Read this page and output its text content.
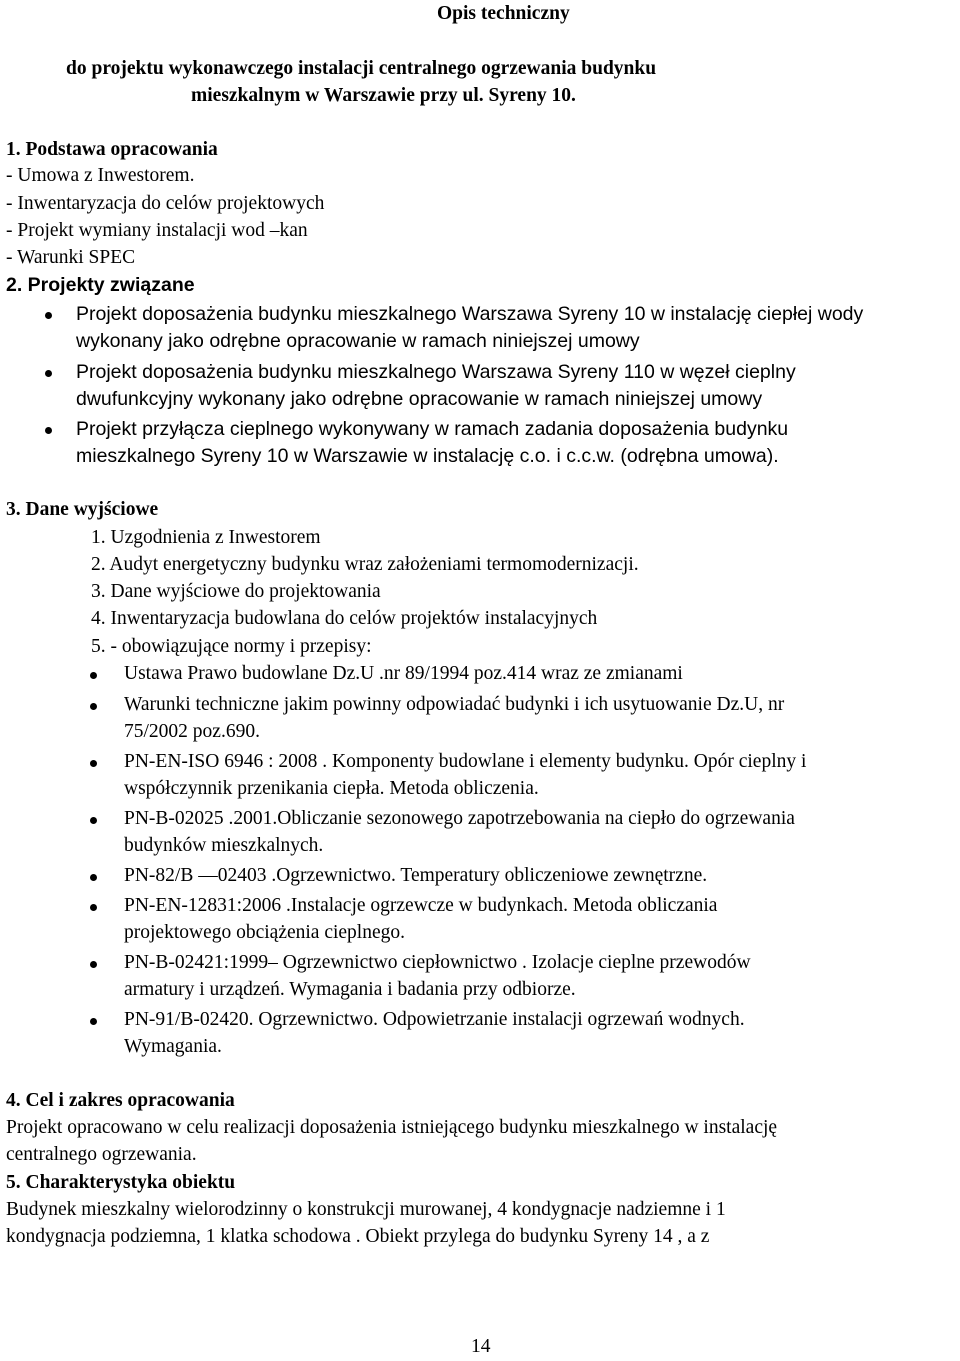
Opis techniczny
do projektu wykonawczego instalacji centralnego ogrzewania budynku
mieszkalnym w Warszawie przy ul. Syreny 10.
1. Podstawa opracowania
- Umowa z Inwestorem.
- Inwentaryzacja do celów projektowych
- Projekt wymiany instalacji wod –kan
- Warunki SPEC
2. Projekty związane
Projekt doposażenia budynku mieszkalnego Warszawa Syreny 10 w instalację ciepłej wody
wykonany jako odrębne opracowanie w ramach niniejszej umowy
Projekt doposażenia budynku mieszkalnego Warszawa Syreny 110 w węzeł cieplny
dwufunkcyjny wykonany jako odrębne opracowanie w ramach niniejszej umowy
Projekt przyłącza cieplnego wykonywany w ramach zadania doposażenia budynku
mieszkalnego Syreny 10 w Warszawie w instalację c.o. i c.c.w. (odrębna umowa).
3. Dane wyjściowe
1. Uzgodnienia z Inwestorem
2. Audyt energetyczny budynku wraz założeniami termomodernizacji.
3. Dane wyjściowe do projektowania
4. Inwentaryzacja budowlana do celów projektów instalacyjnych
5. - obowiązujące normy i przepisy:
Ustawa Prawo budowlane Dz.U .nr 89/1994 poz.414 wraz ze zmianami
Warunki techniczne jakim powinny odpowiadać budynki i ich usytuowanie Dz.U, nr
75/2002 poz.690.
PN-EN-ISO 6946 : 2008 . Komponenty budowlane i elementy budynku. Opór cieplny i
współczynnik przenikania ciepła. Metoda obliczenia.
PN-B-02025 .2001.Obliczanie sezonowego zapotrzebowania na ciepło do ogrzewania
budynków mieszkalnych.
PN-82/B —02403 .Ogrzewnictwo. Temperatury obliczeniowe zewnętrzne.
PN-EN-12831:2006 .Instalacje ogrzewcze w budynkach. Metoda obliczania
projektowego obciążenia cieplnego.
PN-B-02421:1999– Ogrzewnictwo ciepłownictwo . Izolacje cieplne przewodów
armatury i urządzeń. Wymagania i badania przy odbiorze.
PN-91/B-02420. Ogrzewnictwo. Odpowietrzanie instalacji ogrzewań wodnych.
Wymagania.
4. Cel i zakres opracowania
Projekt opracowano w celu realizacji doposażenia istniejącego budynku mieszkalnego w instalację
centralnego ogrzewania.
5. Charakterystyka obiektu
Budynek mieszkalny wielorodzinny o konstrukcji murowanej, 4 kondygnacje nadziemne i 1
kondygnacja podziemna, 1 klatka schodowa . Obiekt przylega do budynku Syreny 14 , a z
14
